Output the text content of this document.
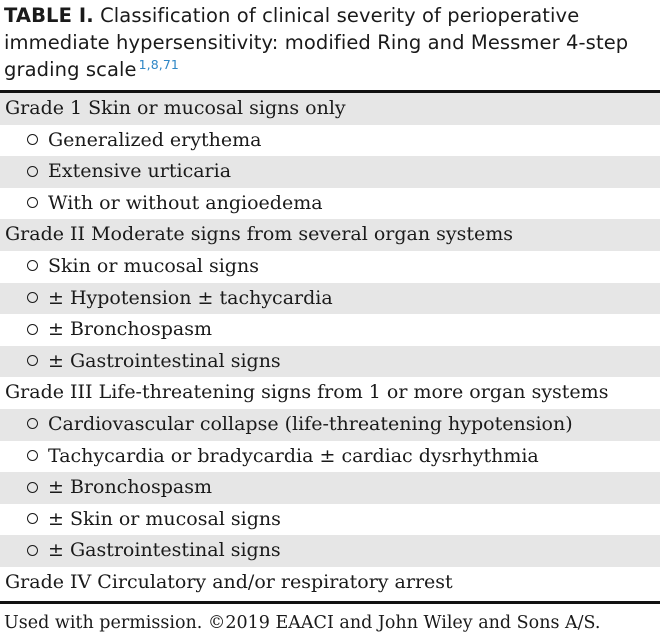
TABLE I. Classification of clinical severity of perioperative immediate hypersensitivity: modified Ring and Messmer 4-step grading scale $^{1,8,71}$
Grade 1 Skin or mucosal signs only
Generalized erythema
Extensive urticaria
With or without angioedema
Grade II Moderate signs from several organ systems
Skin or mucosal signs
± Hypotension ± tachycardia
± Bronchospasm
± Gastrointestinal signs
Grade III Life-threatening signs from 1 or more organ systems
Cardiovascular collapse (life-threatening hypotension)
Tachycardia or bradycardia ± cardiac dysrhythmia
± Bronchospasm
± Skin or mucosal signs
± Gastrointestinal signs
Grade IV Circulatory and/or respiratory arrest
Used with permission. ©2019 EAACI and John Wiley and Sons A/S.
